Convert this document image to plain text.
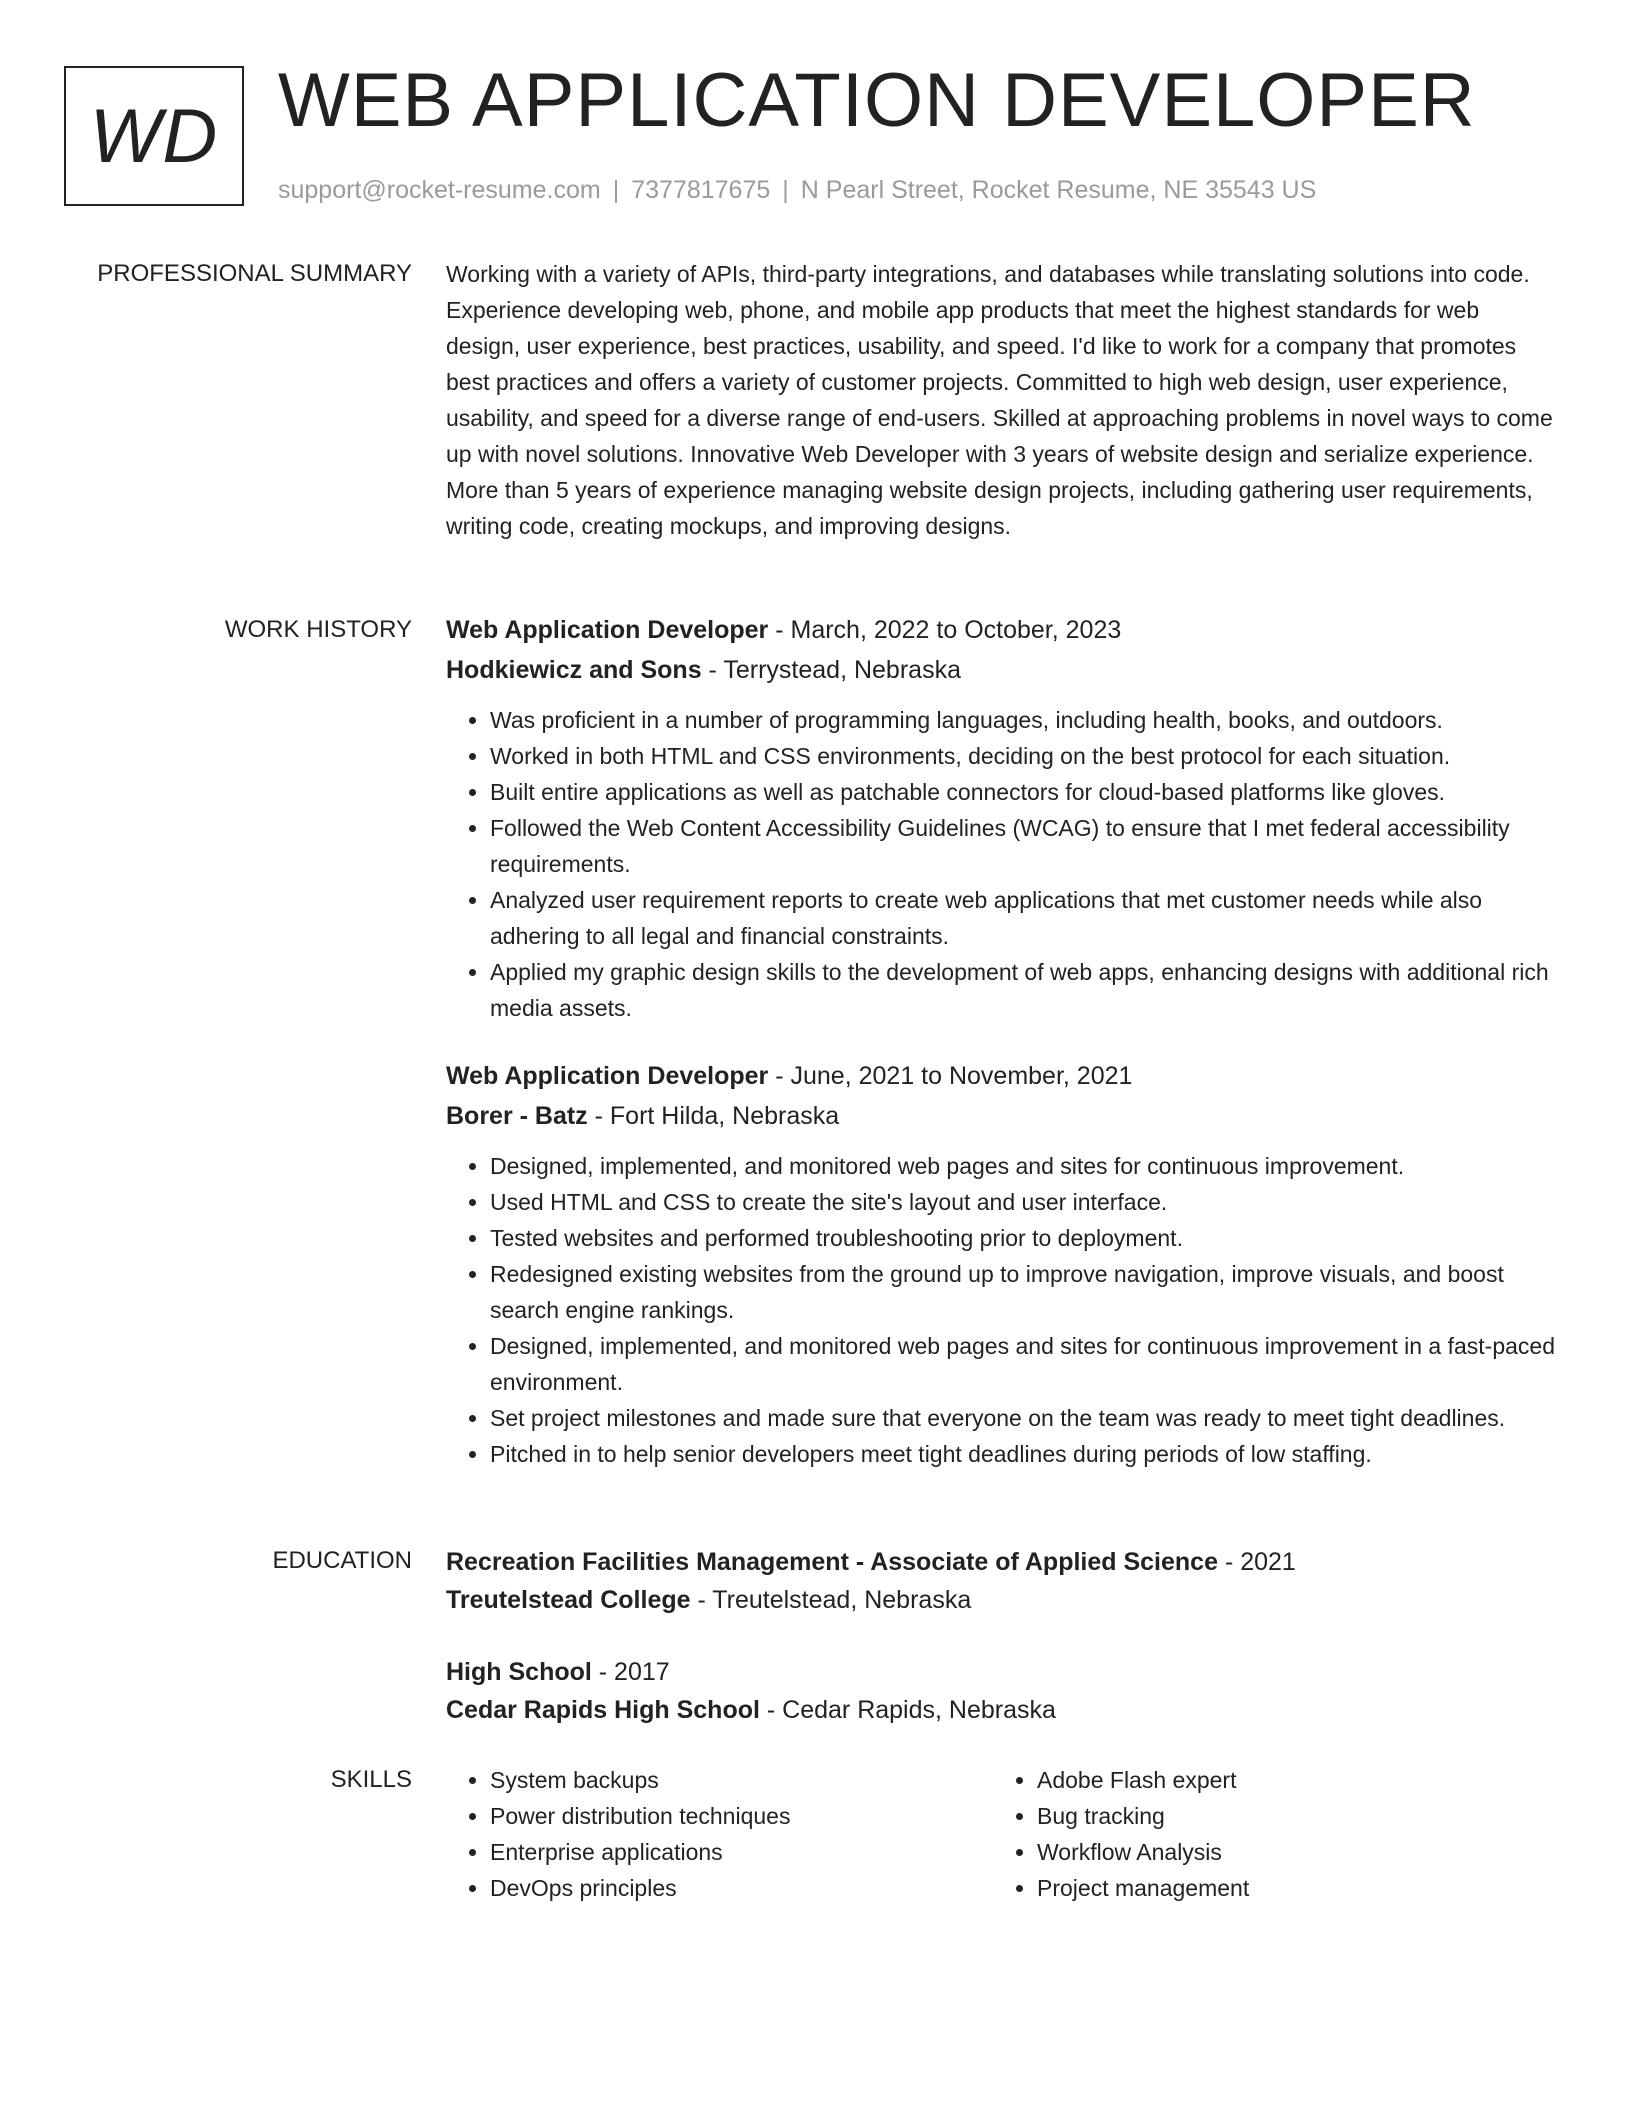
WD WEB APPLICATION DEVELOPER
support@rocket-resume.com | 7377817675 | N Pearl Street, Rocket Resume, NE 35543 US
PROFESSIONAL SUMMARY Working with a variety of APIs, third-party integrations, and databases while translating solutions into code. Experience developing web, phone, and mobile app products that meet the highest standards for web design, user experience, best practices, usability, and speed. I'd like to work for a company that promotes best practices and offers a variety of customer projects. Committed to high web design, user experience, usability, and speed for a diverse range of end-users. Skilled at approaching problems in novel ways to come up with novel solutions. Innovative Web Developer with 3 years of website design and serialize experience. More than 5 years of experience managing website design projects, including gathering user requirements, writing code, creating mockups, and improving designs.

WORK HISTORY Web Application Developer - March, 2022 to October, 2023
Hodkiewicz and Sons - Terrystead, Nebraska
• Was proficient in a number of programming languages, including health, books, and outdoors.
• Worked in both HTML and CSS environments, deciding on the best protocol for each situation.
• Built entire applications as well as patchable connectors for cloud-based platforms like gloves.
• Followed the Web Content Accessibility Guidelines (WCAG) to ensure that I met federal accessibility requirements.
• Analyzed user requirement reports to create web applications that met customer needs while also adhering to all legal and financial constraints.
• Applied my graphic design skills to the development of web apps, enhancing designs with additional rich media assets.
Web Application Developer - June, 2021 to November, 2021
Borer - Batz - Fort Hilda, Nebraska
• Designed, implemented, and monitored web pages and sites for continuous improvement.
• Used HTML and CSS to create the site's layout and user interface.
• Tested websites and performed troubleshooting prior to deployment.
• Redesigned existing websites from the ground up to improve navigation, improve visuals, and boost search engine rankings.
• Designed, implemented, and monitored web pages and sites for continuous improvement in a fast-paced environment.
• Set project milestones and made sure that everyone on the team was ready to meet tight deadlines.
• Pitched in to help senior developers meet tight deadlines during periods of low staffing.
EDUCATION Recreation Facilities Management - Associate of Applied Science - 2021
Treutelstead College - Treutelstead, Nebraska
High School - 2017
Cedar Rapids High School - Cedar Rapids, Nebraska
SKILLS
•	System backups
• Power distribution techniques
• Enterprise applications
• DevOps principles
• Adobe Flash expert
• Bug tracking
• Workflow Analysis
• Project management
